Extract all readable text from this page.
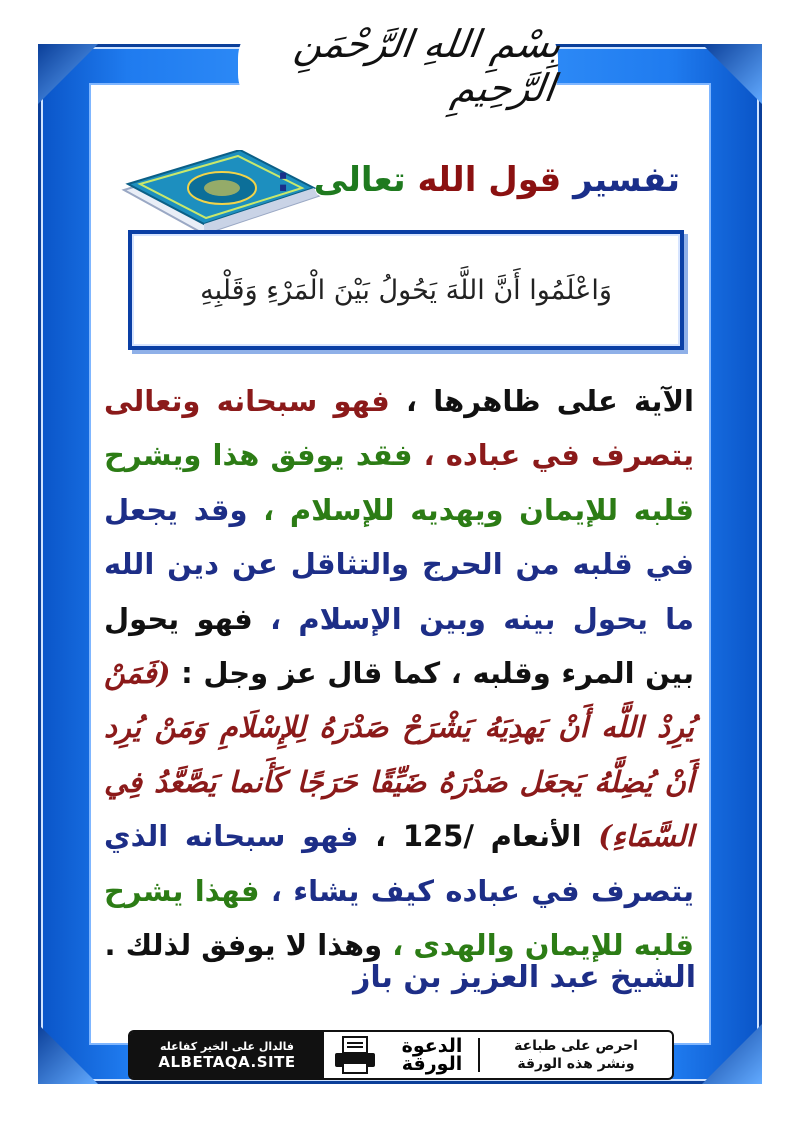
بِسْمِ اللهِ الرَّحْمَنِ الرَّحِيمِ
تفسير قول الله تعالى :
وَاعْلَمُوا أَنَّ اللَّهَ يَحُولُ بَيْنَ الْمَرْءِ وَقَلْبِهِ
الآية على ظاهرها ، فهو سبحانه وتعالى يتصرف في عباده ، فقد يوفق هذا ويشرح قلبه للإيمان ويهديه للإسلام ، وقد يجعل في قلبه من الحرج والتثاقل عن دين الله ما يحول بينه وبين الإسلام ، فهو يحول بين المرء وقلبه ، كما قال عز وجل : (فَمَنْ يُرِدْ اللَّه أَنْ يَهدِيَهُ يَشْرَحْ صَدْرَهُ لِلإِسْلَامِ وَمَنْ يُرِد أَنْ يُضِلَّهُ يَجعَل صَدْرَهُ ضَيِّقًا حَرَجًا كَأَنما يَصَّعَّدُ فِي السَّمَاءِ) الأنعام /125 ، فهو سبحانه الذي يتصرف في عباده كيف يشاء ، فهذا يشرح قلبه للإيمان والهدى ، وهذا لا يوفق لذلك .
الشيخ عبد العزيز بن باز
فالدال على الخير كفاعله
ALBETAQA.SITE
الدعوة
الورقة
احرص على طباعة
ونشر هذه الورقة
